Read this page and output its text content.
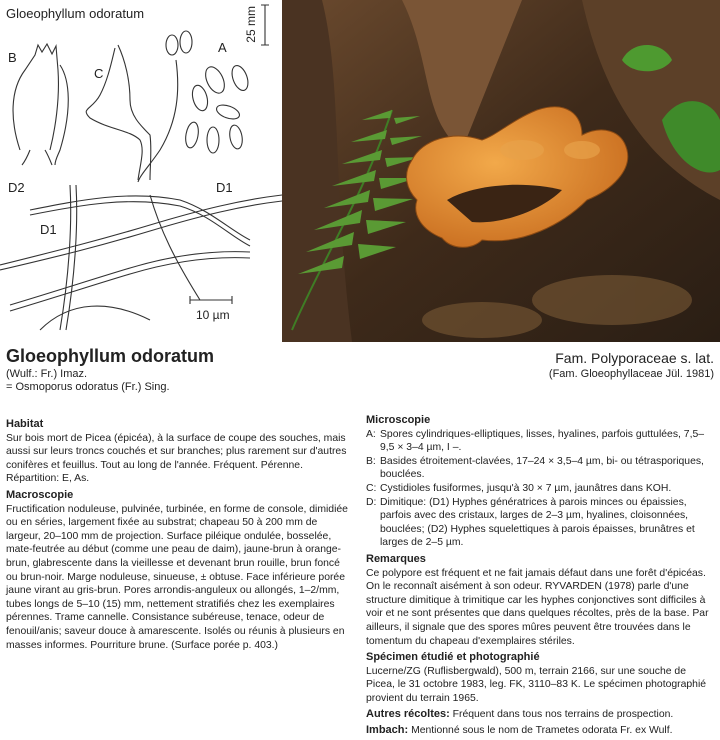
Gloeophyllum odoratum
A
B
C
D2	D1
D1
25 mm
10 µm
Gloeophyllum odoratum
(Wulf.: Fr.) Imaz.
= Osmoporus odoratus (Fr.) Sing.
Fam. Polyporaceae s. lat.
(Fam. Gloeophyllaceae Jül. 1981)
Habitat

Sur bois mort de Picea (épicéa), à la surface de coupe des souches, mais aussi sur leurs troncs couchés et sur branches; plus rarement sur d'autres conifères et feuillus. Tout au long de l'année. Fréquent. Pérenne. Répartition: E, As.

Macroscopie

Fructification noduleuse, pulvinée, turbinée, en forme de console, dimidiée ou en séries, largement fixée au substrat; chapeau 50 à 200 mm de largeur, 20–100 mm de projection. Surface piléique ondulée, bosselée, mate-feutrée au début (comme une peau de daim), jaune-brun à orange-brun, glabrescente dans la vieillesse et devenant brun rouille, brun foncé ou brun-noir. Marge noduleuse, sinueuse, ± obtuse. Face inférieure porée jaune virant au gris-brun. Pores arrondis-anguleux ou allongés, 1–2/mm, tubes longs de 5–10 (15) mm, nettement stratifiés chez les exemplaires pérennes. Trame cannelle. Consistance subéreuse, tenace, odeur de fenouil/anis; saveur douce à amarescente. Isolés ou réunis à plusieurs en masses informes. Pourriture brune. (Surface porée p. 403.)

Microscopie
A: Spores cylindriques-elliptiques, lisses, hyalines, parfois guttulées, 7,5–9,5 × 3–4 µm, I –.
B: Basides étroitement-clavées, 17–24 × 3,5–4 µm, bi- ou tétrasporiques, bouclées.
C: Cystidioles fusiformes, jusqu'à 30 × 7 µm, jaunâtres dans KOH.
D: Dimitique: (D1) Hyphes génératrices à parois minces ou épaissies, parfois avec des cristaux, larges de 2–3 µm, hyalines, cloisonnées, bouclées; (D2) Hyphes squelettiques à parois épaisses, brunâtres et larges de 2–5 µm.
Remarques

Ce polypore est fréquent et ne fait jamais défaut dans une forêt d'épicéas. On le reconnaît aisément à son odeur. RYVARDEN (1978) parle d'une structure dimitique à trimitique car les hyphes conjonctives sont difficiles à voir et ne sont présentes que dans quelques récoltes, près de la base. Par ailleurs, il signale que des spores mûres peuvent être trouvées dans le tomentum du chapeau d'exemplaires stériles.

Spécimen étudié et photographié

Lucerne/ZG (Ruflisbergwald), 500 m, terrain 2166, sur une souche de Picea, le 31 octobre 1983, leg. FK, 3110–83 K. Le spécimen photographié provient du terrain 1965.

Autres récoltes: Fréquent dans tous nos terrains de prospection.

Imbach: Mentionné sous le nom de Trametes odorata Fr. ex Wulf.
